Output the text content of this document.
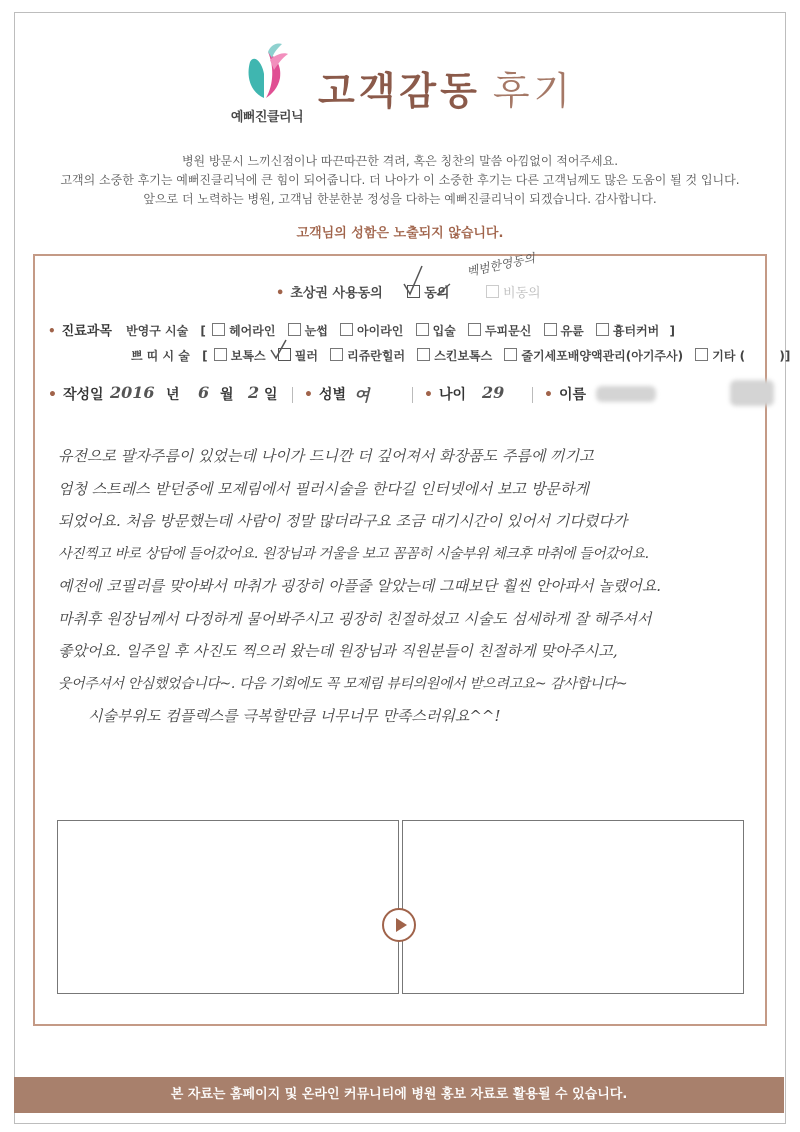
예뻐진클리닉
고객감동 후기
병원 방문시 느끼신점이나 따끈따끈한 격려, 혹은 칭찬의 말씀 아낌없이 적어주세요.
고객의 소중한 후기는 예뻐진클리닉에 큰 힘이 되어줍니다. 더 나아가 이 소중한 후기는 다른 고객님께도 많은 도움이 될 것 입니다.
앞으로 더 노력하는 병원, 고객님 한분한분 정성을 다하는 예뻐진클리닉이 되겠습니다. 감사합니다.
고객님의 성함은 노출되지 않습니다.
• 초상권 사용동의	동의	비동의
벡범한영동의
• 진료과목 반영구 시술 [ 헤어라인 눈썹 아이라인 입술 두피문신 유륜 흉터커버 ]
쁘 띠 시 술 [ 보톡스 필러 리쥬란힐러 스킨보톡스 줄기세포배양액관리(아기주사) 기타 (	)]
• 작성일 2016 년 6 월 2 일 • 성별 여	• 나이 29	• 이름
유전으로 팔자주름이 있었는데 나이가 드니깐 더 깊어져서 화장품도 주름에 끼기고
엄청 스트레스 받던중에 모제림에서 필러시술을 한다길 인터넷에서 보고 방문하게
되었어요. 처음 방문했는데 사람이 정말 많더라구요 조금 대기시간이 있어서 기다렸다가
사진찍고 바로 상담에 들어갔어요. 원장님과 거울을 보고 꼼꼼히 시술부위 체크후 마취에 들어갔어요.
예전에 코필러를 맞아봐서 마취가 굉장히 아플줄 알았는데 그때보단 훨씬 안아파서 놀랬어요.
마취후 원장님께서 다정하게 물어봐주시고 굉장히 친절하셨고 시술도 섬세하게 잘 해주셔서
좋았어요. 일주일 후 사진도 찍으러 왔는데 원장님과 직원분들이 친절하게 맞아주시고,
웃어주셔서 안심했었습니다~. 다음 기회에도 꼭 모제림 뷰티의원에서 받으려고요~ 감사합니다~
시술부위도 컴플렉스를 극복할만큼 너무너무 만족스러워요^^!
본 자료는 홈페이지 및 온라인 커뮤니티에 병원 홍보 자료로 활용될 수 있습니다.
